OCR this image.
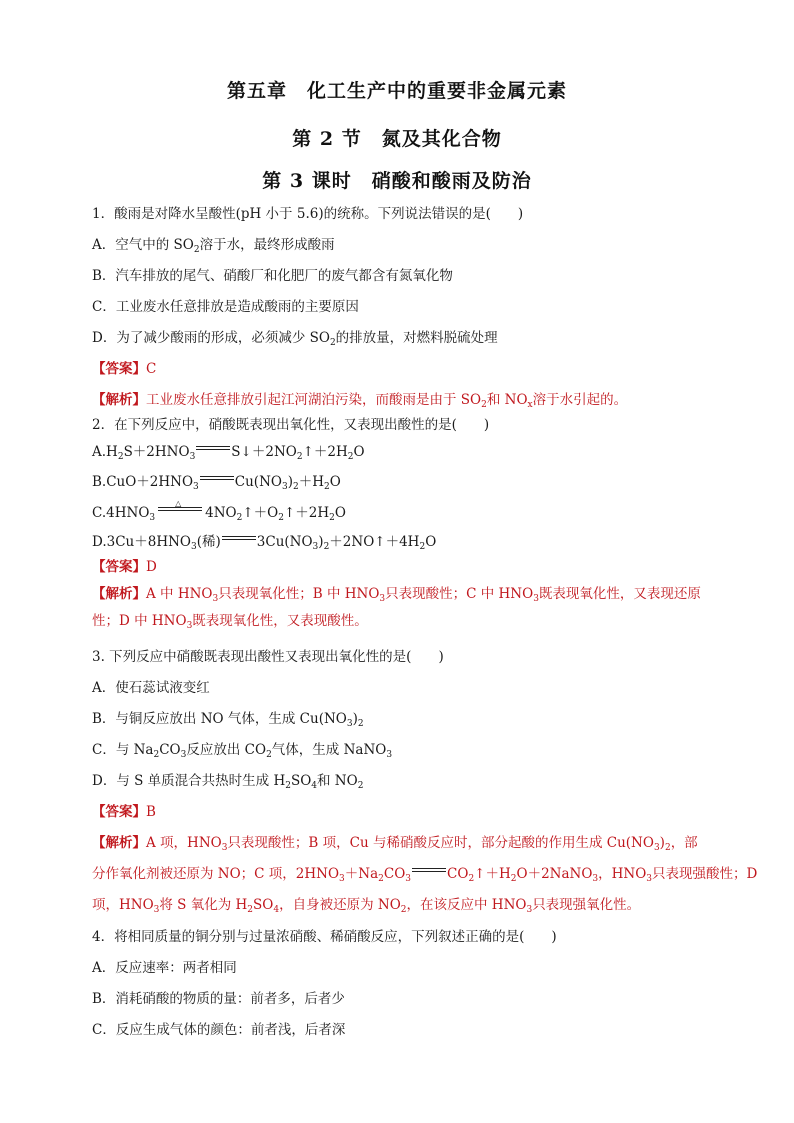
第五章　化工生产中的重要非金属元素
第 2 节　氮及其化合物
第 3 课时　硝酸和酸雨及防治
1．酸雨是对降水呈酸性(pH 小于 5.6)的统称。下列说法错误的是(　　)
A．空气中的 $SO_2$溶于水，最终形成酸雨
B．汽车排放的尾气、硝酸厂和化肥厂的废气都含有氮氧化物
C．工业废水任意排放是造成酸雨的主要原因
D．为了减少酸雨的形成，必须减少 $SO_2$的排放量，对燃料脱硫处理
【答案】C
【解析】工业废水任意排放引起江河湖泊污染，而酸雨是由于 $SO_2$和 $NO_x$溶于水引起的。
2．在下列反应中，硝酸既表现出氧化性，又表现出酸性的是(　　)
$A.H_2S+2HNO_3$	$S↓+2NO_2↑+2H_2O$
$B.CuO+2HNO_3$	$Cu(NO_3)_2+H_2O$
$C.4HNO_3$
△
$4NO_2↑+O_2↑+2H_2O$
$D.3Cu+8HNO_3$(稀)	$3Cu(NO_3)_2+2NO↑+4H_2O$
【答案】D
【解析】A 中 $HNO_3$只表现氧化性；B 中 $HNO_3$只表现酸性；C 中 $HNO_3$既表现氧化性，又表现还原
性；D 中 $HNO_3$既表现氧化性，又表现酸性。
3. 下列反应中硝酸既表现出酸性又表现出氧化性的是(　　)
A．使石蕊试液变红
B．与铜反应放出 NO 气体，生成 $Cu(NO_3)_2$
C．与 $Na_2CO_3$反应放出 $CO_2$气体，生成 NaNO$_3$
D．与 S 单质混合共热时生成 $H_2SO_4$和 $NO_2$
【答案】B
【解析】A 项，$HNO_3$只表现酸性；B 项，Cu 与稀硝酸反应时，部分起酸的作用生成 $Cu(NO_3)_2$，部
分作氧化剂被还原为 NO；C 项，$2HNO_3+Na_2CO_3$	$CO_2↑+H_2O+2NaNO_3$，$HNO_3$只表现强酸性；D
项，$HNO_3$将 S 氧化为 $H_2SO_4$，自身被还原为 $NO_2$，在该反应中 $HNO_3$只表现强氧化性。
4．将相同质量的铜分别与过量浓硝酸、稀硝酸反应，下列叙述正确的是(　　)
A．反应速率：两者相同
B．消耗硝酸的物质的量：前者多，后者少
C．反应生成气体的颜色：前者浅，后者深
